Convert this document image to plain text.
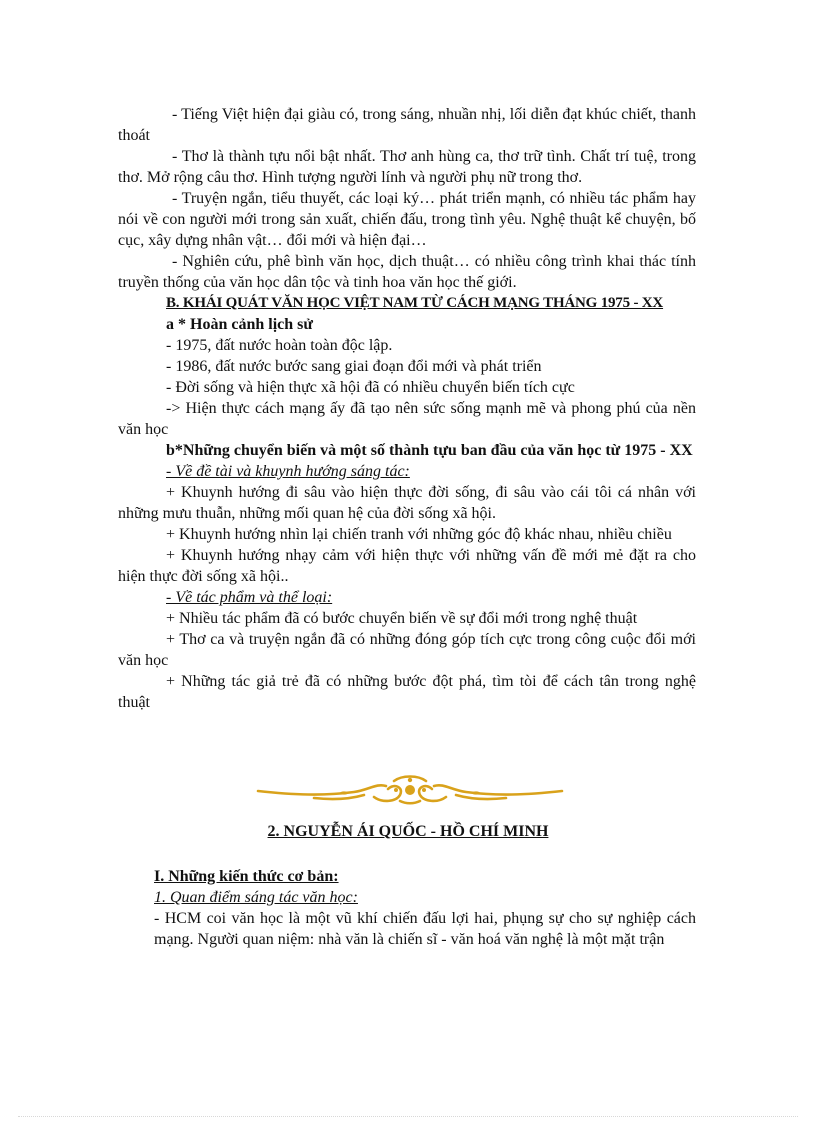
- Tiếng Việt hiện đại giàu có, trong sáng, nhuần nhị, lối diễn đạt khúc chiết, thanh thoát

- Thơ là thành tựu nổi bật nhất. Thơ anh hùng ca, thơ trữ tình. Chất trí tuệ, trong thơ. Mở rộng câu thơ. Hình tượng người lính và người phụ nữ trong thơ.

- Truyện ngắn, tiểu thuyết, các loại ký… phát triển mạnh, có nhiều tác phẩm hay nói về con người mới trong sản xuất, chiến đấu, trong tình yêu. Nghệ thuật kể chuyện, bố cục, xây dựng nhân vật… đổi mới và hiện đại…

- Nghiên cứu, phê bình văn học, dịch thuật… có nhiều công trình khai thác tính truyền thống của văn học dân tộc và tinh hoa văn học thế giới.

B. KHÁI QUÁT VĂN HỌC VIỆT NAM TỪ CÁCH MẠNG THÁNG 1975 - XX

a * Hoàn cảnh lịch sử

- 1975, đất nước hoàn toàn độc lập.

- 1986, đất nước bước sang giai đoạn đổi mới và phát triển

- Đời sống và hiện thực xã hội đã có nhiều chuyển biến tích cực

-> Hiện thực cách mạng ấy đã tạo nên sức sống mạnh mẽ và phong phú của nền văn học

b*Những chuyển biến và một số thành tựu ban đầu của văn học từ 1975 - XX

- Về đề tài và khuynh hướng sáng tác:

+ Khuynh hướng đi sâu vào hiện thực đời sống, đi sâu vào cái tôi cá nhân với những mưu thuẫn, những mối quan hệ của đời sống xã hội.

+ Khuynh hướng nhìn lại chiến tranh với những góc độ khác nhau, nhiều chiều

+ Khuynh hướng nhạy cảm với hiện thực với những vấn đề mới mẻ đặt ra cho hiện thực đời sống xã hội..

- Về tác phẩm và thể loại:

+ Nhiều tác phẩm đã có bước chuyển biến về sự đổi mới trong nghệ thuật

+ Thơ ca và truyện ngắn đã có những đóng góp tích cực trong công cuộc đổi mới văn học

+ Những tác giả trẻ đã có những bước đột phá, tìm tòi để cách tân trong nghệ thuật

2. NGUYỄN ÁI QUỐC - HỒ CHÍ MINH

I. Những kiến thức cơ bản:

1. Quan điểm sáng tác văn học:

- HCM coi văn học là một vũ khí chiến đấu lợi hai, phụng sự cho sự nghiệp cách mạng. Người quan niệm: nhà văn là chiến sĩ - văn hoá văn nghệ là một mặt trận
